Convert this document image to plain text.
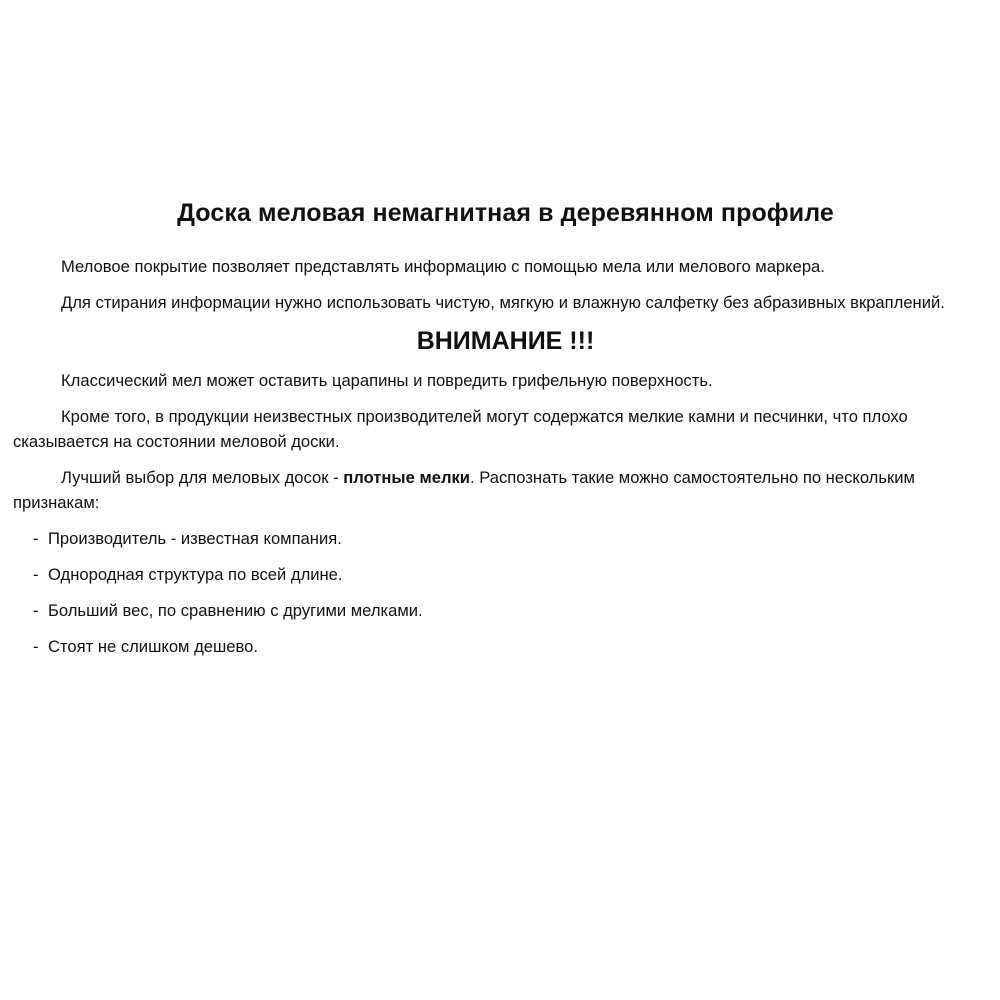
Доска меловая немагнитная в деревянном профиле

Меловое покрытие позволяет представлять информацию с помощью мела или мелового маркера.

Для стирания информации нужно использовать чистую, мягкую и влажную салфетку без абразивных вкраплений.

ВНИМАНИЕ !!!

Классический мел может оставить царапины и повредить грифельную поверхность.

Кроме того, в продукции неизвестных производителей могут содержатся мелкие камни и песчинки, что плохо сказывается на состоянии меловой доски.

Лучший выбор для меловых досок - плотные мелки. Распознать такие можно самостоятельно по нескольким признакам:

- Производитель - известная компания.
- Однородная структура по всей длине.
- Больший вес, по сравнению с другими мелками.
- Стоят не слишком дешево.
